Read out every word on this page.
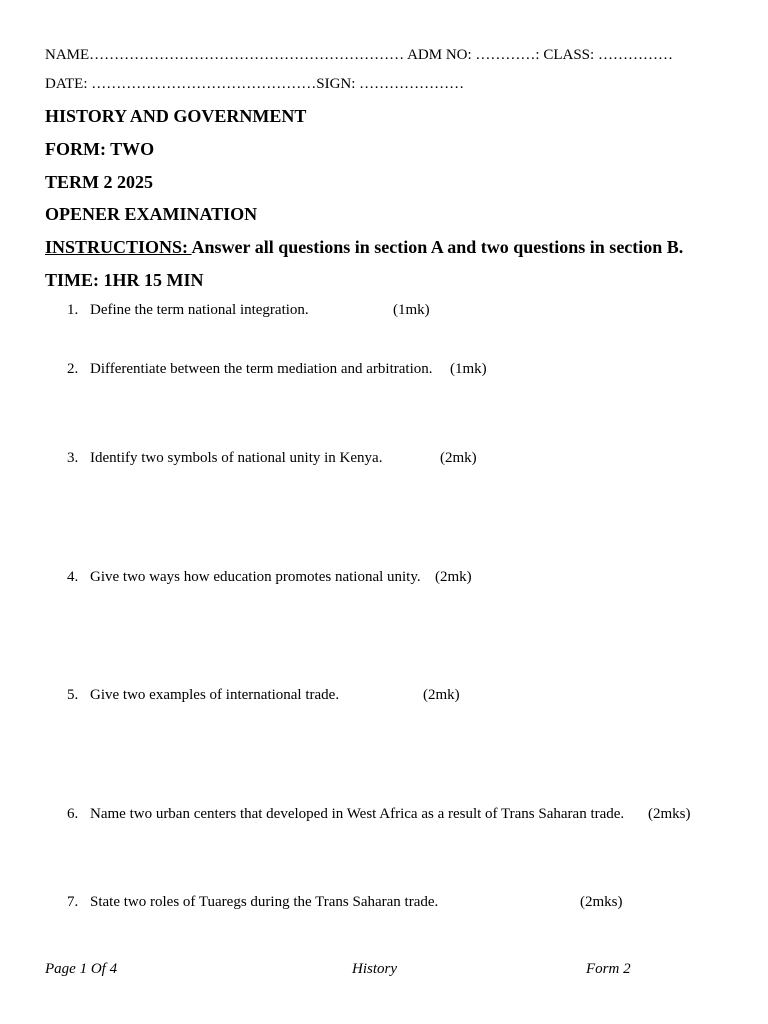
NAME……………………………………………………… ADM NO: …………: CLASS: ……………
DATE: ………………………………………SIGN: …………………
HISTORY AND GOVERNMENT
FORM: TWO
TERM 2 2025
OPENER EXAMINATION
INSTRUCTIONS: Answer all questions in section A and two questions in section B.
TIME: 1HR 15 MIN
1. Define the term national integration.	(1mk)
2. Differentiate between the term mediation and arbitration. (1mk)
3. Identify two symbols of national unity in Kenya.	(2mk)
4. Give two ways how education promotes national unity. (2mk)
5. Give two examples of international trade.	(2mk)
6. Name two urban centers that developed in West Africa as a result of Trans Saharan trade. (2mks)
7. State two roles of Tuaregs during the Trans Saharan trade.	(2mks)
Page 1 Of 4	History	Form 2
